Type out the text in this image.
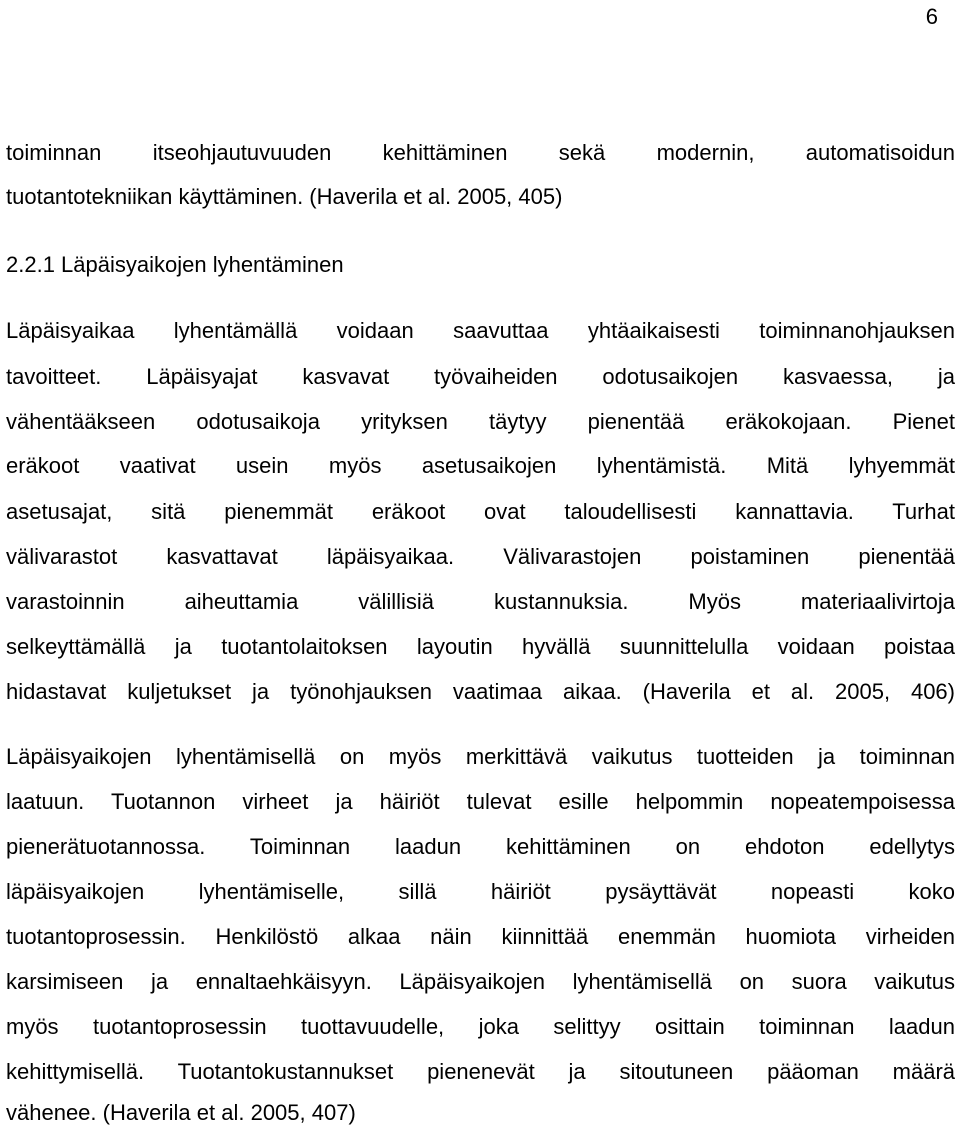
6
toiminnan itseohjautuvuuden kehittäminen sekä modernin, automatisoidun
tuotantotekniikan käyttäminen. (Haverila et al. 2005, 405)
2.2.1 Läpäisyaikojen lyhentäminen
Läpäisyaikaa lyhentämällä voidaan saavuttaa yhtäaikaisesti toiminnanohjauksen
tavoitteet. Läpäisyajat kasvavat työvaiheiden odotusaikojen kasvaessa, ja
vähentääkseen odotusaikoja yrityksen täytyy pienentää eräkokojaan. Pienet
eräkoot vaativat usein myös asetusaikojen lyhentämistä. Mitä lyhyemmät
asetusajat, sitä pienemmät eräkoot ovat taloudellisesti kannattavia. Turhat
välivarastot kasvattavat läpäisyaikaa. Välivarastojen poistaminen pienentää
varastoinnin aiheuttamia välillisiä kustannuksia. Myös materiaalivirtoja
selkeyttämällä ja tuotantolaitoksen layoutin hyvällä suunnittelulla voidaan poistaa
hidastavat kuljetukset ja työnohjauksen vaatimaa aikaa. (Haverila et al. 2005, 406)
Läpäisyaikojen lyhentämisellä on myös merkittävä vaikutus tuotteiden ja toiminnan
laatuun. Tuotannon virheet ja häiriöt tulevat esille helpommin nopeatempoisessa
pienerätuotannossa. Toiminnan laadun kehittäminen on ehdoton edellytys
läpäisyaikojen lyhentämiselle, sillä häiriöt pysäyttävät nopeasti koko
tuotantoprosessin. Henkilöstö alkaa näin kiinnittää enemmän huomiota virheiden
karsimiseen ja ennaltaehkäisyyn. Läpäisyaikojen lyhentämisellä on suora vaikutus
myös tuotantoprosessin tuottavuudelle, joka selittyy osittain toiminnan laadun
kehittymisellä. Tuotantokustannukset pienenevät ja sitoutuneen pääoman määrä
vähenee. (Haverila et al. 2005, 407)
